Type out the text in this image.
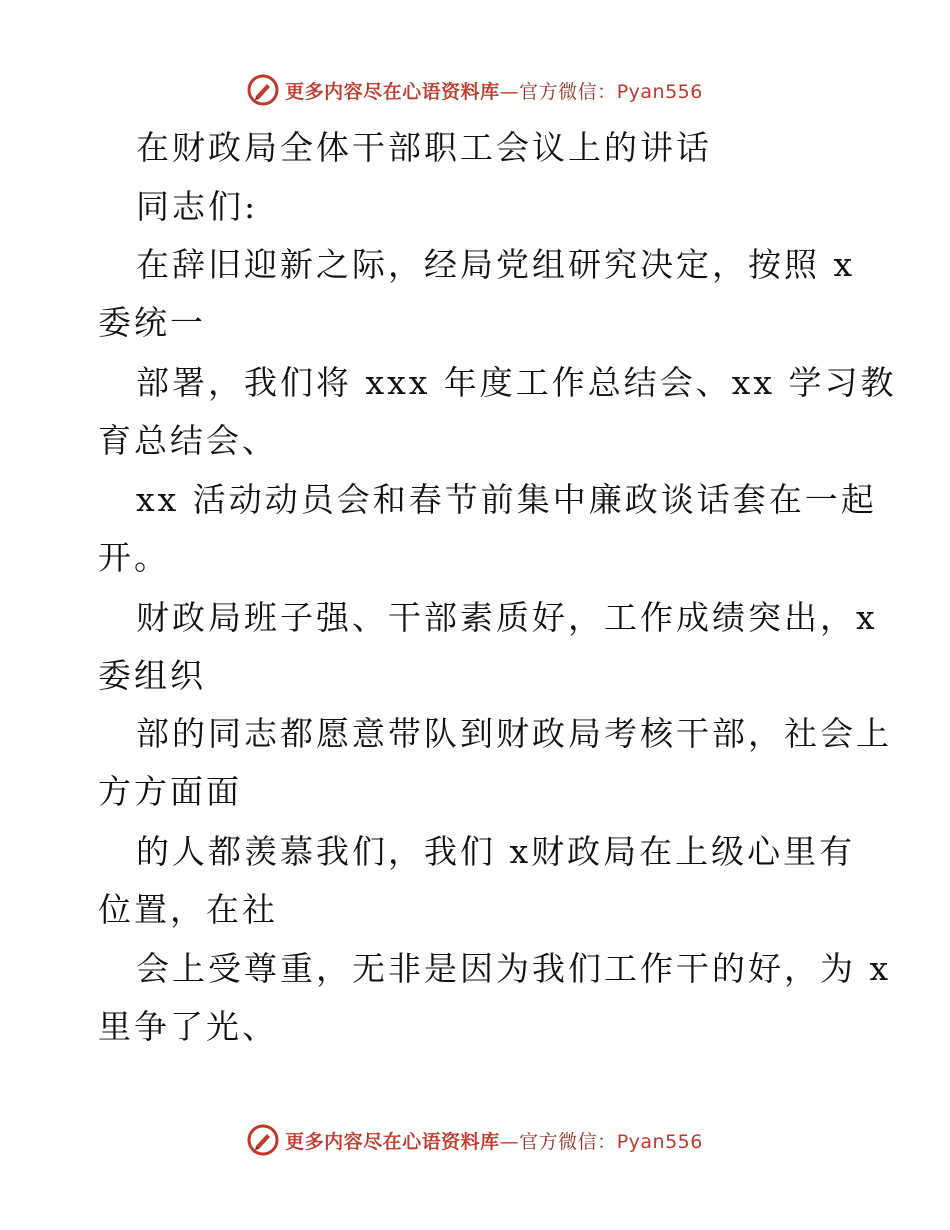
更多内容尽在心语资料库—官方微信：Pyan556
在财政局全体干部职工会议上的讲话
同志们:
在辞旧迎新之际，经局党组研究决定，按照 x
委统一
部署，我们将 xxx 年度工作总结会、xx 学习教
育总结会、
xx 活动动员会和春节前集中廉政谈话套在一起
开。
财政局班子强、干部素质好，工作成绩突出，x
委组织
部的同志都愿意带队到财政局考核干部，社会上
方方面面
的人都羡慕我们，我们 x财政局在上级心里有
位置，在社
会上受尊重，无非是因为我们工作干的好，为 x
里争了光、
更多内容尽在心语资料库—官方微信：Pyan556
